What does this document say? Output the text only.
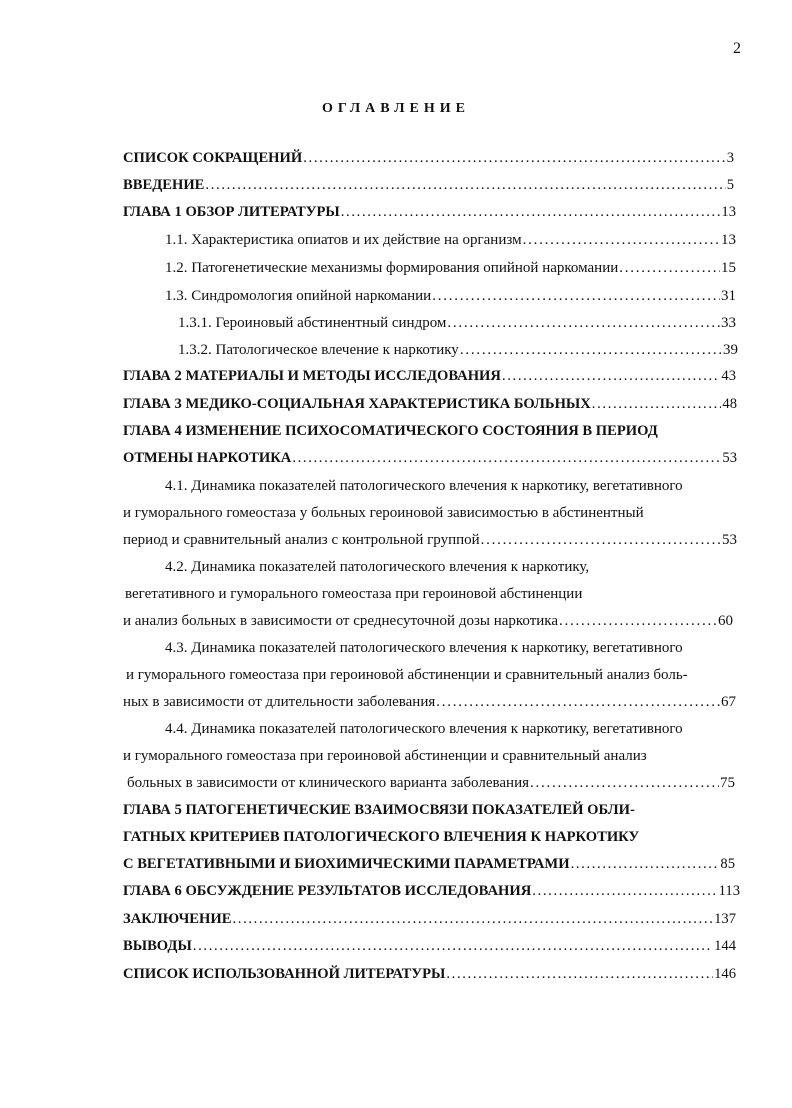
2
ОГЛАВЛЕНИЕ
СПИСОК СОКРАЩЕНИЙ . . .	3
ВВЕДЕНИЕ . . .	5
ГЛАВА 1 ОБЗОР ЛИТЕРАТУРЫ . . .	13
1.1. Характеристика опиатов и их действие на организм . . .	13
1.2. Патогенетические механизмы формирования опийной наркомании . . .	15
1.3. Синдромология опийной наркомании . . .	31
1.3.1. Героиновый абстинентный синдром . . .	33
1.3.2. Патологическое влечение к наркотику . . .	39
ГЛАВА 2 МАТЕРИАЛЫ И МЕТОДЫ ИССЛЕДОВАНИЯ . . .	43
ГЛАВА 3 МЕДИКО-СОЦИАЛЬНАЯ ХАРАКТЕРИСТИКА БОЛЬНЫХ . . .	48
ГЛАВА 4 ИЗМЕНЕНИЕ ПСИХОСОМАТИЧЕСКОГО СОСТОЯНИЯ В ПЕРИОД
ОТМЕНЫ НАРКОТИКА . . .	53
4.1. Динамика показателей патологического влечения к наркотику, вегетативного
и гуморального гомеостаза у больных героиновой зависимостью в абстинентный
период и сравнительный анализ с контрольной группой . . .	53
4.2. Динамика показателей патологического влечения к наркотику,
вегетативного и гуморального гомеостаза при героиновой абстиненции
и анализ больных в зависимости от среднесуточной дозы наркотика . . .	60
4.3. Динамика показателей патологического влечения к наркотику, вегетативного
и гуморального гомеостаза при героиновой абстиненции и сравнительный анализ боль-
ных в зависимости от длительности заболевания . . .	67
4.4. Динамика показателей патологического влечения к наркотику, вегетативного
и гуморального гомеостаза при героиновой абстиненции и сравнительный анализ
больных в зависимости от клинического варианта заболевания . . .	75
ГЛАВА 5 ПАТОГЕНЕТИЧЕСКИЕ ВЗАИМОСВЯЗИ ПОКАЗАТЕЛЕЙ ОБЛИ-
ГАТНЫХ КРИТЕРИЕВ ПАТОЛОГИЧЕСКОГО ВЛЕЧЕНИЯ К НАРКОТИКУ
С ВЕГЕТАТИВНЫМИ И БИОХИМИЧЕСКИМИ ПАРАМЕТРАМИ . . .	85
ГЛАВА 6 ОБСУЖДЕНИЕ РЕЗУЛЬТАТОВ ИССЛЕДОВАНИЯ . . .	113
ЗАКЛЮЧЕНИЕ . . .	137
ВЫВОДЫ . . .	144
СПИСОК ИСПОЛЬЗОВАННОЙ ЛИТЕРАТУРЫ . . .	146
